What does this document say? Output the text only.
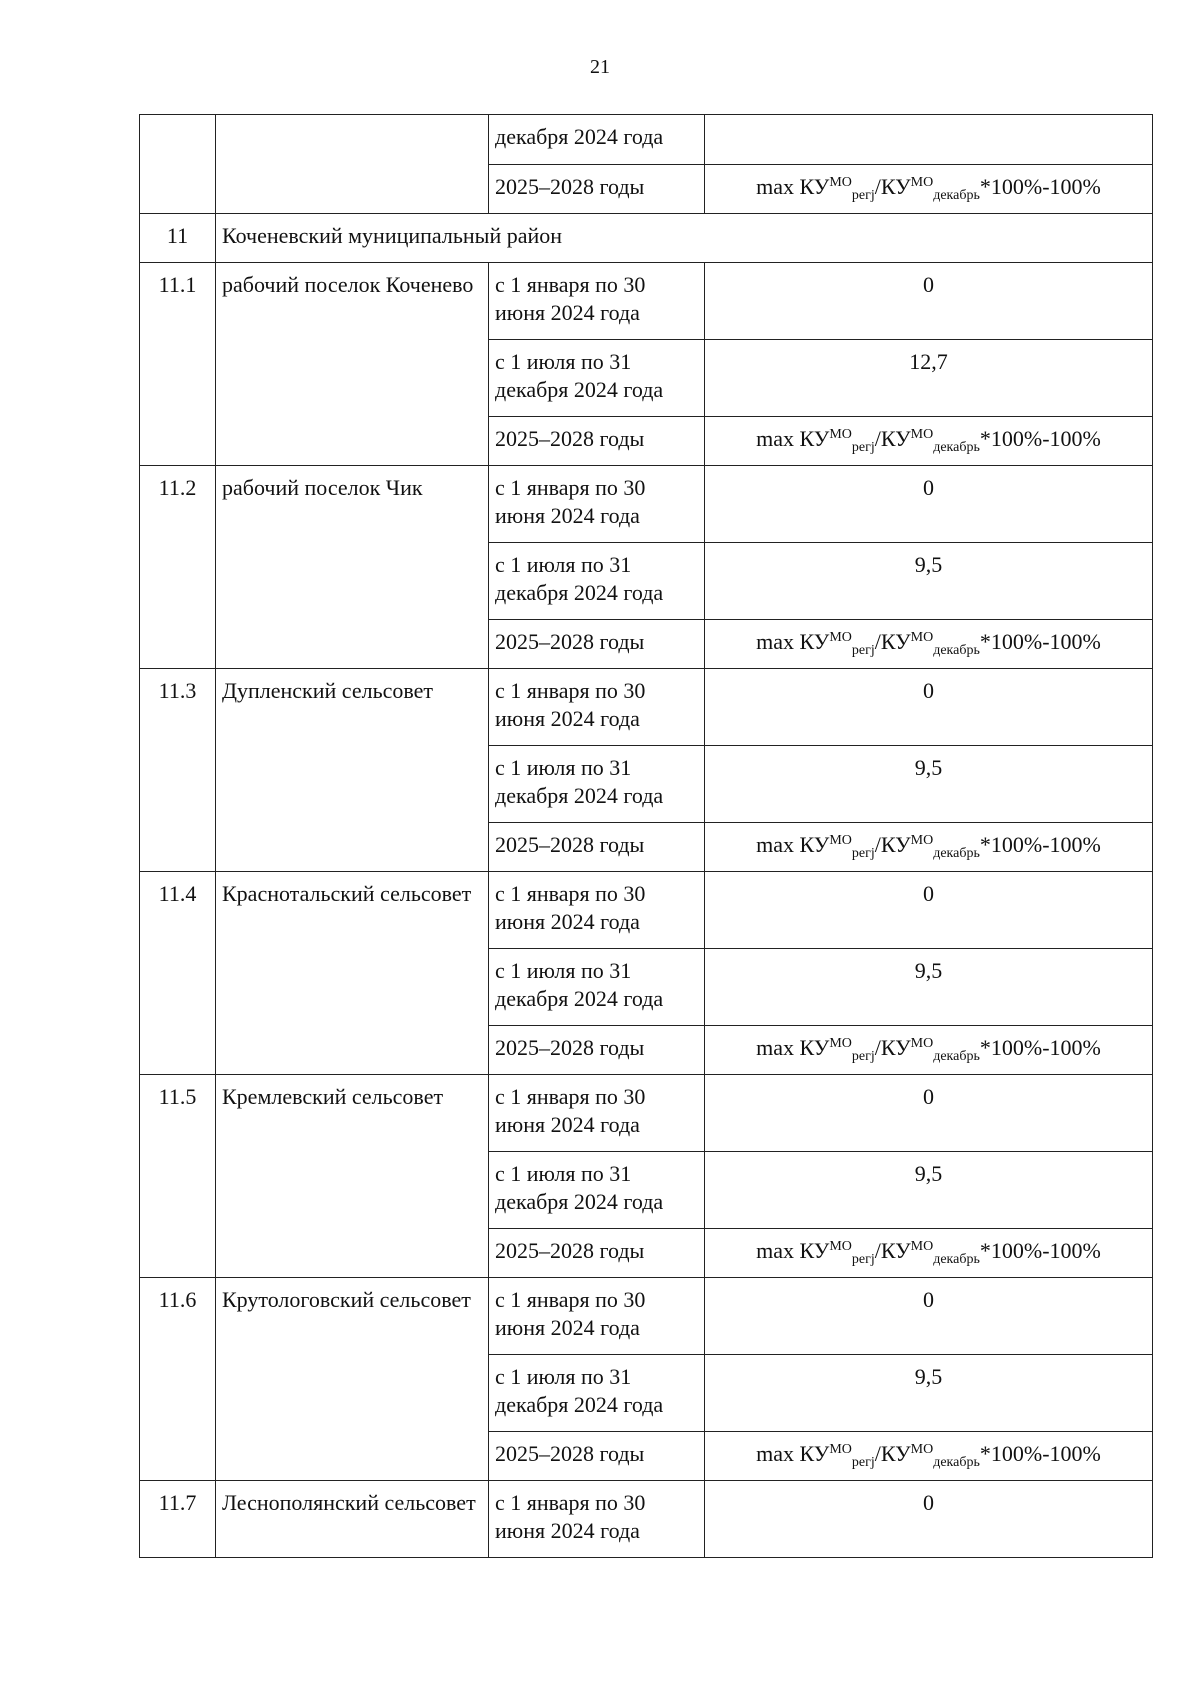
21
		декабря 2024 года	
		2025–2028 годы	$\max КУ^{МО}_{регj}/КУ^{МО}_{декабрь}*100\%-100\%$
11	Коченевский муниципальный район		
11.1	рабочий поселок Коченево	с 1 января по 30 июня 2024 года	0
		с 1 июля по 31 декабря 2024 года	12,7
		2025–2028 годы	$\max КУ^{МО}_{регj}/КУ^{МО}_{декабрь}*100\%-100\%$
11.2	рабочий поселок Чик	с 1 января по 30 июня 2024 года	0
		с 1 июля по 31 декабря 2024 года	9,5
		2025–2028 годы	$\max КУ^{МО}_{регj}/КУ^{МО}_{декабрь}*100\%-100\%$
11.3	Дупленский сельсовет	с 1 января по 30 июня 2024 года	0
		с 1 июля по 31 декабря 2024 года	9,5
		2025–2028 годы	$\max КУ^{МО}_{регj}/КУ^{МО}_{декабрь}*100\%-100\%$
11.4	Краснотальский сельсовет	с 1 января по 30 июня 2024 года	0
		с 1 июля по 31 декабря 2024 года	9,5
		2025–2028 годы	$\max КУ^{МО}_{регj}/КУ^{МО}_{декабрь}*100\%-100\%$
11.5	Кремлевский сельсовет	с 1 января по 30 июня 2024 года	0
		с 1 июля по 31 декабря 2024 года	9,5
		2025–2028 годы	$\max КУ^{МО}_{регj}/КУ^{МО}_{декабрь}*100\%-100\%$
11.6	Крутологовский сельсовет	с 1 января по 30 июня 2024 года	0
		с 1 июля по 31 декабря 2024 года	9,5
		2025–2028 годы	$\max КУ^{МО}_{регj}/КУ^{МО}_{декабрь}*100\%-100\%$
11.7	Леснополянский сельсовет	с 1 января по 30 июня 2024 года	0
